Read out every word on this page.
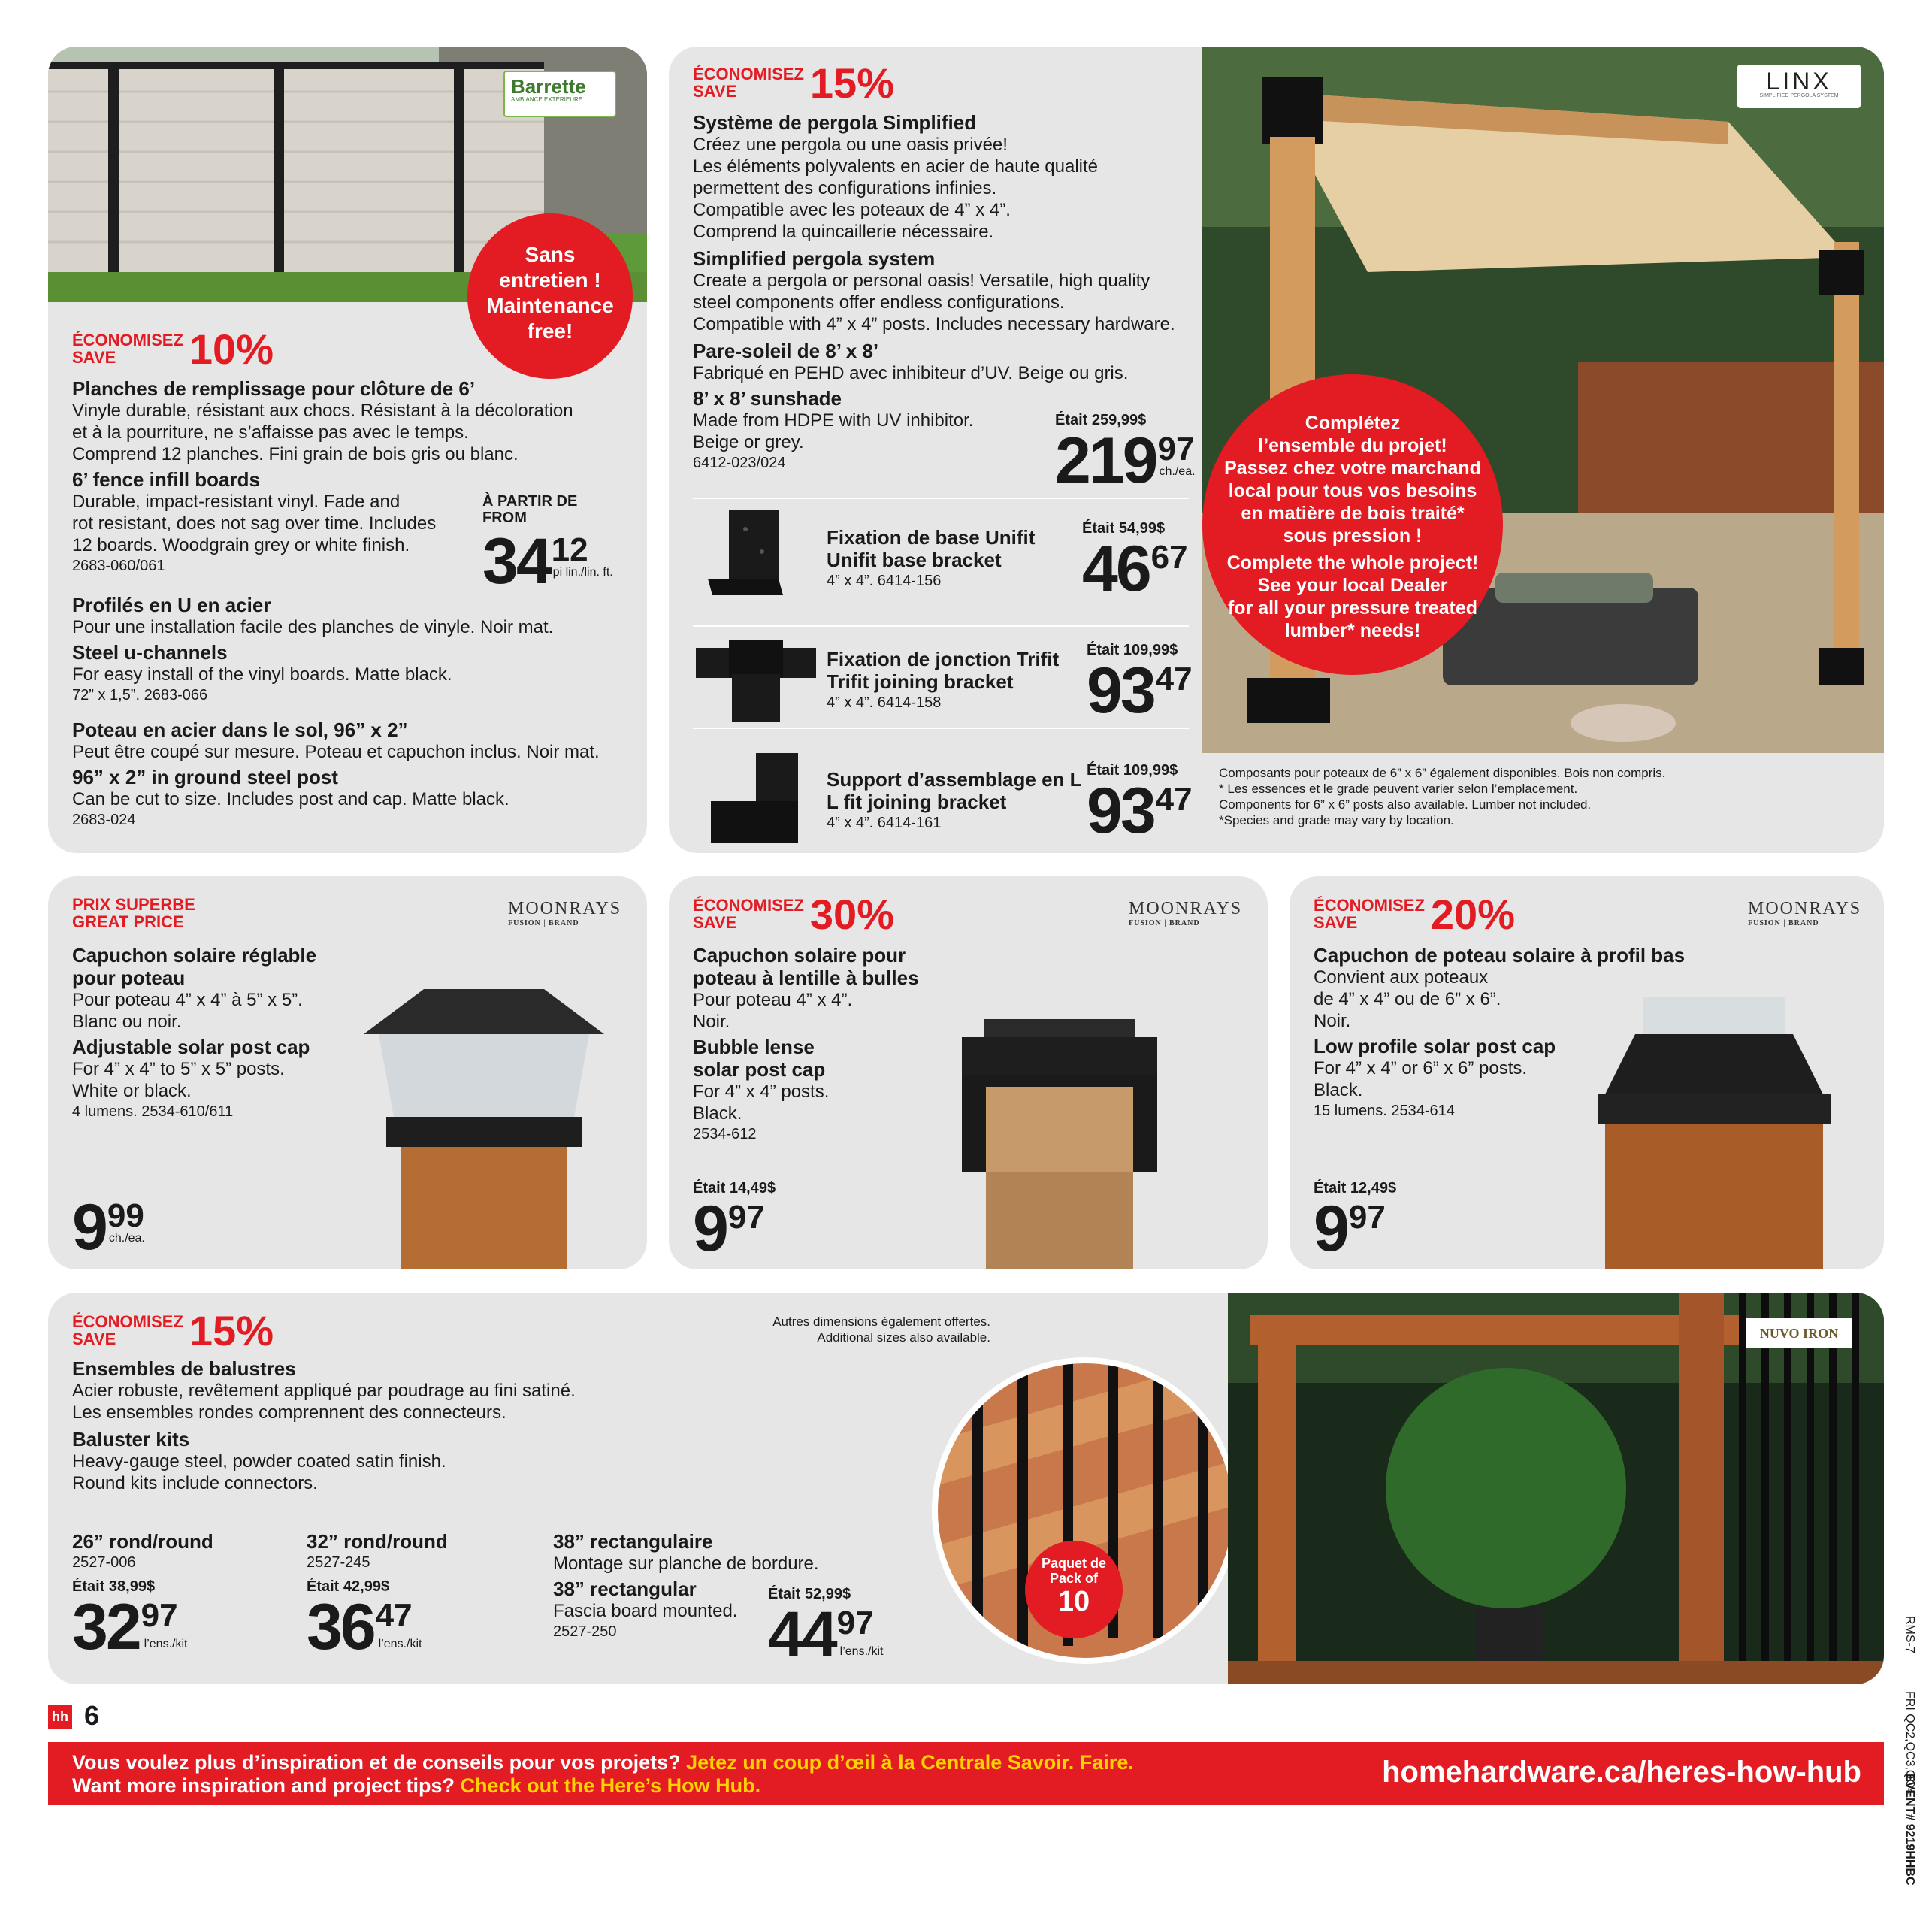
Barrette
AMBIANCE EXTÉRIEURE
Sans
entretien !
Maintenance
free!
ÉCONOMISEZ
SAVE	10%
Planches de remplissage pour clôture de 6’
Vinyle durable, résistant aux chocs. Résistant à la décoloration
et à la pourriture, ne s’affaisse pas avec le temps.
Comprend 12 planches. Fini grain de bois gris ou blanc.
6’ fence infill boards
Durable, impact-resistant vinyl. Fade and
rot resistant, does not sag over time. Includes
12 boards. Woodgrain grey or white finish.
2683-060/061
À PARTIR DE
FROM
34 12
pi lin./lin. ft.
Profilés en U en acier
Pour une installation facile des planches de vinyle. Noir mat.
Steel u-channels
For easy install of the vinyl boards. Matte black.
72” x 1,5”. 2683-066
Poteau en acier dans le sol, 96” x 2”
Peut être coupé sur mesure. Poteau et capuchon inclus. Noir mat.
96” x 2” in ground steel post
Can be cut to size. Includes post and cap. Matte black.
2683-024
ÉCONOMISEZ
SAVE	15%
Système de pergola Simplified
Créez une pergola ou une oasis privée!
Les éléments polyvalents en acier de haute qualité
permettent des configurations infinies.
Compatible avec les poteaux de 4” x 4”.
Comprend la quincaillerie nécessaire.
Simplified pergola system
Create a pergola or personal oasis! Versatile, high quality
steel components offer endless configurations.
Compatible with 4” x 4” posts. Includes necessary hardware.
Pare-soleil de 8’ x 8’
Fabriqué en PEHD avec inhibiteur d’UV. Beige ou gris.
8’ x 8’ sunshade
Made from HDPE with UV inhibitor.
Beige or grey.
6412-023/024
Était 259,99$
219 97
ch./ea.
Fixation de base Unifit
Unifit base bracket
4” x 4”. 6414-156
Était 54,99$
46 67
Fixation de jonction Trifit
Trifit joining bracket
4” x 4”. 6414-158
Était 109,99$
93 47
Support d’assemblage en L
L fit joining bracket
4” x 4”. 6414-161
Était 109,99$
93 47
LINX
SIMPLIFIED PERGOLA SYSTEM
Complétez
l’ensemble du projet!
Passez chez votre marchand
local pour tous vos besoins
en matière de bois traité*
sous pression !
Complete the whole project!
See your local Dealer
for all your pressure treated
lumber* needs!
Composants pour poteaux de 6” x 6” également disponibles. Bois non compris.
* Les essences et le grade peuvent varier selon l’emplacement.
Components for 6” x 6” posts also available. Lumber not included.
*Species and grade may vary by location.
PRIX SUPERBE
GREAT PRICE
MOONRAYS
FUSION | BRAND
Capuchon solaire réglable
pour poteau
Pour poteau 4” x 4” à 5” x 5”.
Blanc ou noir.
Adjustable solar post cap
For 4” x 4” to 5” x 5” posts.
White or black.
4 lumens. 2534-610/611
9 99
ch./ea.
ÉCONOMISEZ
SAVE	30%	MOONRAYS
FUSION | BRAND
Capuchon solaire pour
poteau à lentille à bulles
Pour poteau 4” x 4”.
Noir.
Bubble lense
solar post cap
For 4” x 4” posts.
Black.
2534-612
Était 14,49$
9 97
ÉCONOMISEZ
SAVE	20%	MOONRAYS
FUSION | BRAND
Capuchon de poteau solaire à profil bas
Convient aux poteaux
de 4” x 4” ou de 6” x 6”.
Noir.
Low profile solar post cap
For 4” x 4” or 6” x 6” posts.
Black.
15 lumens. 2534-614
Était 12,49$
9 97
ÉCONOMISEZ
SAVE	15%
Ensembles de balustres
Acier robuste, revêtement appliqué par poudrage au fini satiné.
Les ensembles rondes comprennent des connecteurs.
Baluster kits
Heavy-gauge steel, powder coated satin finish.
Round kits include connectors.
Autres dimensions également offertes.
Additional sizes also available.
26” rond/round
2527-006
Était 38,99$
32 97
l’ens./kit
32” rond/round
2527-245
Était 42,99$
36 47
l’ens./kit
38” rectangulaire
Montage sur planche de bordure.
38” rectangular
Fascia board mounted.
2527-250
Était 52,99$
44 97
l’ens./kit
Paquet de
Pack of
10
NUVO IRON
hh 6
Vous voulez plus d’inspiration et de conseils pour vos projets? Jetez un coup d’œil à la Centrale Savoir. Faire.
Want more inspiration and project tips? Check out the Here’s How Hub.	homehardware.ca/heres-how-hub
RMS-7
FRI QC2,QC3,QC4
EVENT# 9219HHBC
